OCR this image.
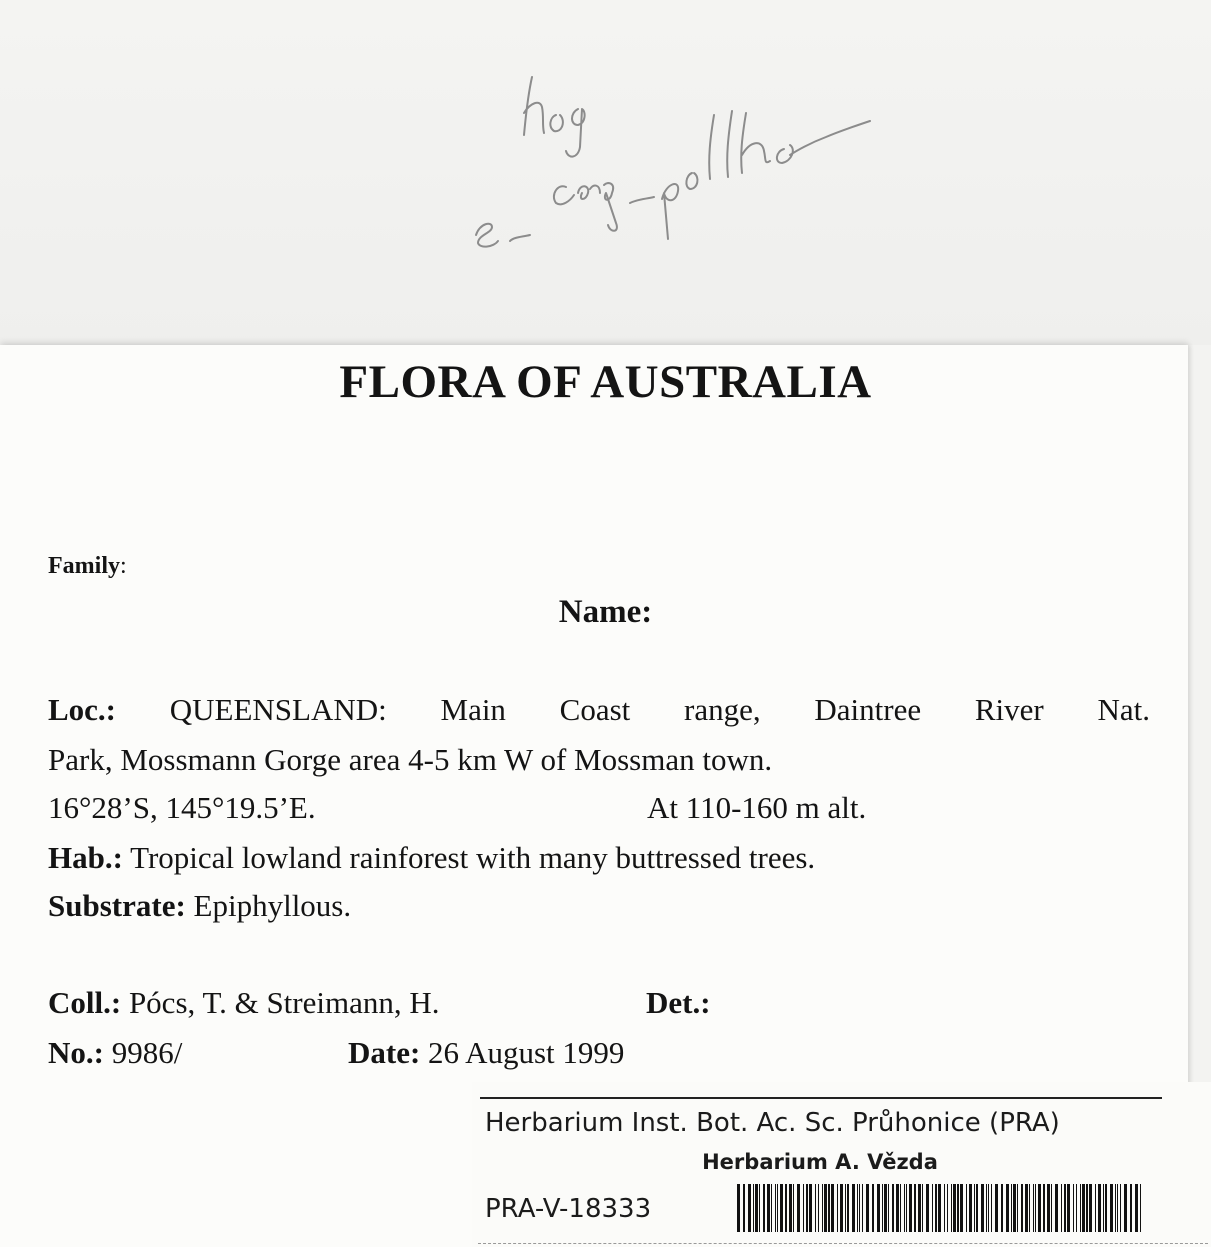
FLORA OF AUSTRALIA
Family:
Name:
Loc.: QUEENSLAND: Main Coast range, Daintree River Nat.
Park, Mossmann Gorge area 4-5 km W of Mossman town.
16°28’S, 145°19.5’E.	At 110-160 m alt.
Hab.: Tropical lowland rainforest with many buttressed trees.
Substrate: Epiphyllous.
Coll.: Pócs, T. & Streimann, H.	Det.:
No.: 9986/	Date: 26 August 1999
Herbarium Inst. Bot. Ac. Sc. Průhonice (PRA)
Herbarium A. Vězda
PRA-V-18333
